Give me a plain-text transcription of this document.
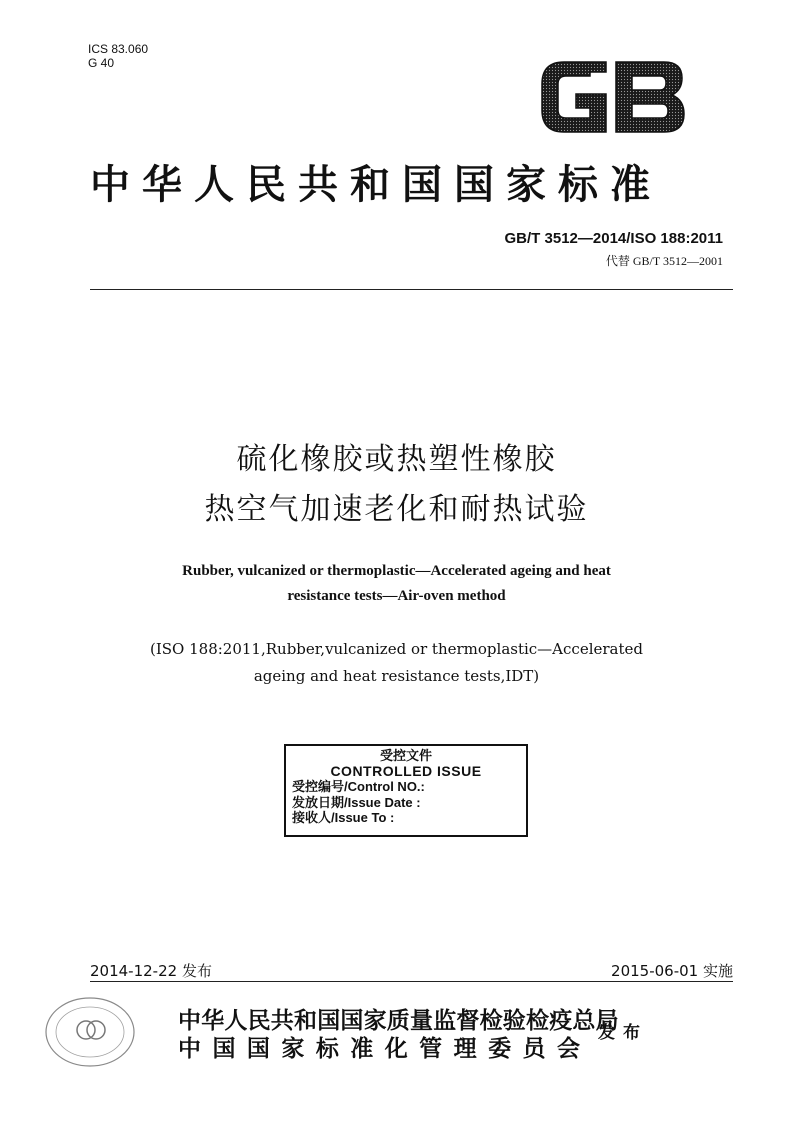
ICS 83.060
G 40
中华人民共和国国家标准
GB/T 3512—2014/ISO 188:2011
代替 GB/T 3512—2001
硫化橡胶或热塑性橡胶
热空气加速老化和耐热试验
Rubber, vulcanized or thermoplastic—Accelerated ageing and heat
resistance tests—Air-oven method
(ISO 188:2011,Rubber,vulcanized or thermoplastic—Accelerated
ageing and heat resistance tests,IDT)
受控文件
CONTROLLED ISSUE
受控编号/Control NO.:
发放日期/Issue Date :
接收人/Issue To :
2014-12-22 发布	2015-06-01 实施
中华人民共和国国家质量监督检验检疫总局
中国国家标准化管理委员会
发布
